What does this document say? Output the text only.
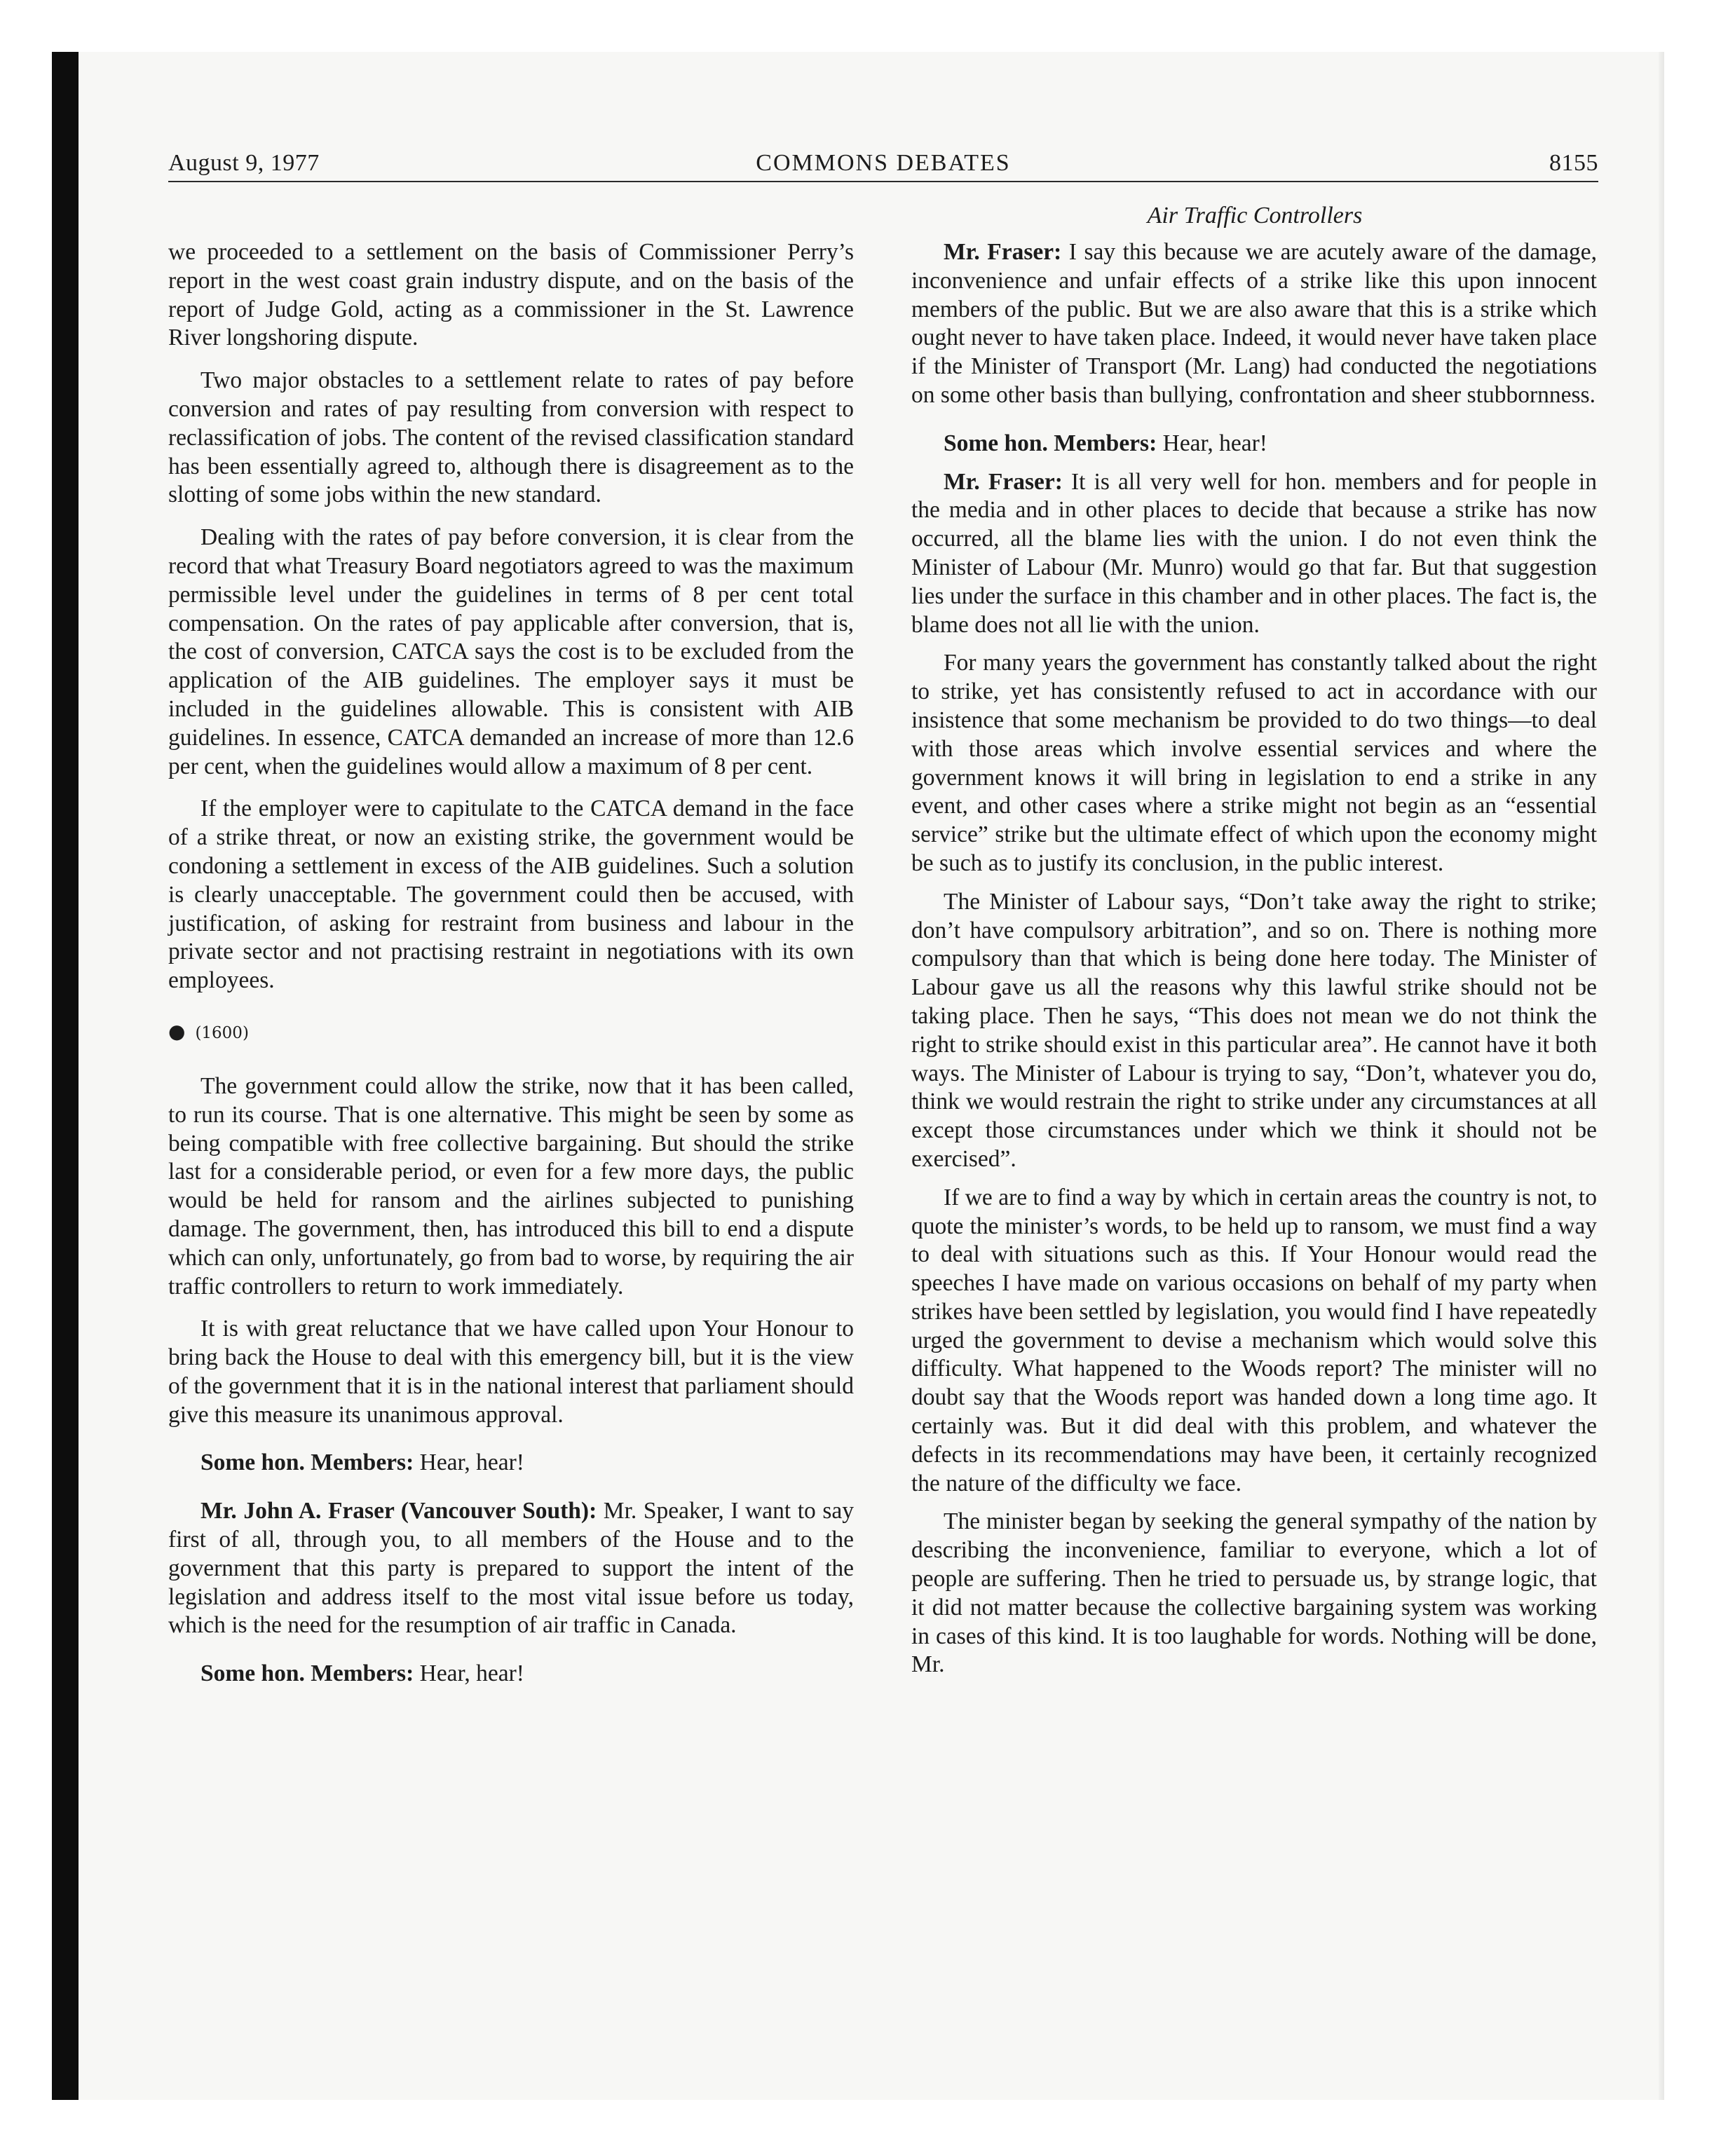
August 9, 1977	COMMONS DEBATES	8155
Air Traffic Controllers

we proceeded to a settlement on the basis of Commissioner Perry’s report in the west coast grain industry dispute, and on the basis of the report of Judge Gold, acting as a commissioner in the St. Lawrence River longshoring dispute.

Two major obstacles to a settlement relate to rates of pay before conversion and rates of pay resulting from conversion with respect to reclassification of jobs. The content of the revised classification standard has been essentially agreed to, although there is disagreement as to the slotting of some jobs within the new standard.

Dealing with the rates of pay before conversion, it is clear from the record that what Treasury Board negotiators agreed to was the maximum permissible level under the guidelines in terms of 8 per cent total compensation. On the rates of pay applicable after conversion, that is, the cost of conversion, CATCA says the cost is to be excluded from the application of the AIB guidelines. The employer says it must be included in the guidelines allowable. This is consistent with AIB guidelines. In essence, CATCA demanded an increase of more than 12.6 per cent, when the guidelines would allow a maximum of 8 per cent.

If the employer were to capitulate to the CATCA demand in the face of a strike threat, or now an existing strike, the government would be condoning a settlement in excess of the AIB guidelines. Such a solution is clearly unacceptable. The government could then be accused, with justification, of asking for restraint from business and labour in the private sector and not practising restraint in negotiations with its own employees.

● (1600)

The government could allow the strike, now that it has been called, to run its course. That is one alternative. This might be seen by some as being compatible with free collective bargaining. But should the strike last for a considerable period, or even for a few more days, the public would be held for ransom and the airlines subjected to punishing damage. The government, then, has introduced this bill to end a dispute which can only, unfortunately, go from bad to worse, by requiring the air traffic controllers to return to work immediately.

It is with great reluctance that we have called upon Your Honour to bring back the House to deal with this emergency bill, but it is the view of the government that it is in the national interest that parliament should give this measure its unanimous approval.

Some hon. Members: Hear, hear!

Mr. John A. Fraser (Vancouver South): Mr. Speaker, I want to say first of all, through you, to all members of the House and to the government that this party is prepared to support the intent of the legislation and address itself to the most vital issue before us today, which is the need for the resumption of air traffic in Canada.

Some hon. Members: Hear, hear!

Mr. Fraser: I say this because we are acutely aware of the damage, inconvenience and unfair effects of a strike like this upon innocent members of the public. But we are also aware that this is a strike which ought never to have taken place. Indeed, it would never have taken place if the Minister of Transport (Mr. Lang) had conducted the negotiations on some other basis than bullying, confrontation and sheer stubbornness.

Some hon. Members: Hear, hear!

Mr. Fraser: It is all very well for hon. members and for people in the media and in other places to decide that because a strike has now occurred, all the blame lies with the union. I do not even think the Minister of Labour (Mr. Munro) would go that far. But that suggestion lies under the surface in this chamber and in other places. The fact is, the blame does not all lie with the union.

For many years the government has constantly talked about the right to strike, yet has consistently refused to act in accordance with our insistence that some mechanism be provided to do two things—to deal with those areas which involve essential services and where the government knows it will bring in legislation to end a strike in any event, and other cases where a strike might not begin as an “essential service” strike but the ultimate effect of which upon the economy might be such as to justify its conclusion, in the public interest.

The Minister of Labour says, “Don’t take away the right to strike; don’t have compulsory arbitration”, and so on. There is nothing more compulsory than that which is being done here today. The Minister of Labour gave us all the reasons why this lawful strike should not be taking place. Then he says, “This does not mean we do not think the right to strike should exist in this particular area”. He cannot have it both ways. The Minister of Labour is trying to say, “Don’t, whatever you do, think we would restrain the right to strike under any circumstances at all except those circumstances under which we think it should not be exercised”.

If we are to find a way by which in certain areas the country is not, to quote the minister’s words, to be held up to ransom, we must find a way to deal with situations such as this. If Your Honour would read the speeches I have made on various occasions on behalf of my party when strikes have been settled by legislation, you would find I have repeatedly urged the government to devise a mechanism which would solve this difficulty. What happened to the Woods report? The minister will no doubt say that the Woods report was handed down a long time ago. It certainly was. But it did deal with this problem, and whatever the defects in its recommendations may have been, it certainly recognized the nature of the difficulty we face.

The minister began by seeking the general sympathy of the nation by describing the inconvenience, familiar to everyone, which a lot of people are suffering. Then he tried to persuade us, by strange logic, that it did not matter because the collective bargaining system was working in cases of this kind. It is too laughable for words. Nothing will be done, Mr.
